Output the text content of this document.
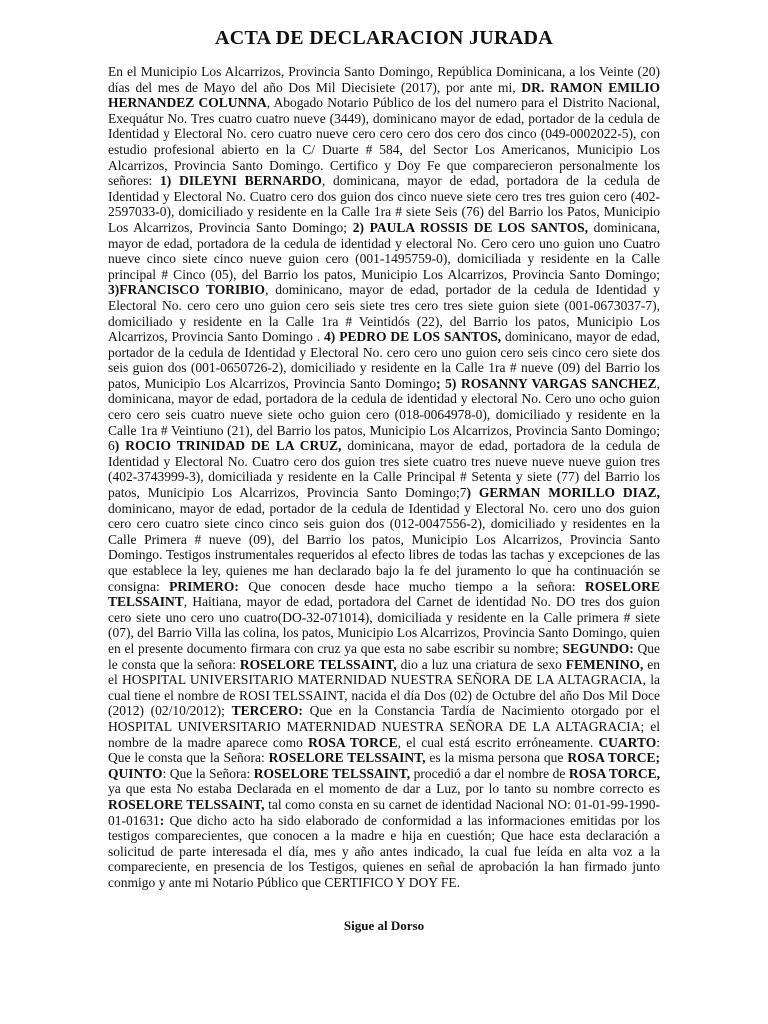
ACTA DE DECLARACION JURADA
En el Municipio Los Alcarrizos, Provincia Santo Domingo, República Dominicana, a los Veinte (20) días del mes de Mayo del año Dos Mil Diecisiete (2017), por ante mi, DR. RAMON EMILIO HERNANDEZ COLUNNA, Abogado Notario Público de los del numero para el Distrito Nacional, Exequátur No. Tres cuatro cuatro nueve (3449), dominicano mayor de edad, portador de la cedula de Identidad y Electoral No. cero cuatro nueve cero cero cero dos cero dos cinco (049-0002022-5), con estudio profesional abierto en la C/ Duarte # 584, del Sector Los Americanos, Municipio Los Alcarrizos, Provincia Santo Domingo. Certifico y Doy Fe que comparecieron personalmente los señores: 1) DILEYNI BERNARDO, dominicana, mayor de edad, portadora de la cedula de Identidad y Electoral No. Cuatro cero dos guion dos cinco nueve siete cero tres tres guion cero (402-2597033-0), domiciliado y residente en la Calle 1ra # siete Seis (76) del Barrio los Patos, Municipio Los Alcarrizos, Provincia Santo Domingo; 2) PAULA ROSSIS DE LOS SANTOS, dominicana, mayor de edad, portadora de la cedula de identidad y electoral No. Cero cero uno guion uno Cuatro nueve cinco siete cinco nueve guion cero (001-1495759-0), domiciliada y residente en la Calle principal # Cinco (05), del Barrio los patos, Municipio Los Alcarrizos, Provincia Santo Domingo; 3)FRANCISCO TORIBIO, dominicano, mayor de edad, portador de la cedula de Identidad y Electoral No. cero cero uno guion cero seis siete tres cero tres siete guion siete (001-0673037-7), domiciliado y residente en la Calle 1ra # Veintidós (22), del Barrio los patos, Municipio Los Alcarrizos, Provincia Santo Domingo . 4) PEDRO DE LOS SANTOS, dominicano, mayor de edad, portador de la cedula de Identidad y Electoral No. cero cero uno guion cero seis cinco cero siete dos seis guion dos (001-0650726-2), domiciliado y residente en la Calle 1ra # nueve (09) del Barrio los patos, Municipio Los Alcarrizos, Provincia Santo Domingo; 5) ROSANNY VARGAS SANCHEZ, dominicana, mayor de edad, portadora de la cedula de identidad y electoral No. Cero uno ocho guion cero cero seis cuatro nueve siete ocho guion cero (018-0064978-0), domiciliado y residente en la Calle 1ra # Veintiuno (21), del Barrio los patos, Municipio Los Alcarrizos, Provincia Santo Domingo; 6) ROCIO TRINIDAD DE LA CRUZ, dominicana, mayor de edad, portadora de la cedula de Identidad y Electoral No. Cuatro cero dos guion tres siete cuatro tres nueve nueve nueve guion tres (402-3743999-3), domiciliada y residente en la Calle Principal # Setenta y siete (77) del Barrio los patos, Municipio Los Alcarrizos, Provincia Santo Domingo;7) GERMAN MORILLO DIAZ, dominicano, mayor de edad, portador de la cedula de Identidad y Electoral No. cero uno dos guion cero cero cuatro siete cinco cinco seis guion dos (012-0047556-2), domiciliado y residentes en la Calle Primera # nueve (09), del Barrio los patos, Municipio Los Alcarrizos, Provincia Santo Domingo. Testigos instrumentales requeridos al efecto libres de todas las tachas y excepciones de las que establece la ley, quienes me han declarado bajo la fe del juramento lo que ha continuación se consigna: PRIMERO: Que conocen desde hace mucho tiempo a la señora: ROSELORE TELSSAINT, Haitiana, mayor de edad, portadora del Carnet de identidad No. DO tres dos guion cero siete uno cero uno cuatro(DO-32-071014), domiciliada y residente en la Calle primera # siete (07), del Barrio Villa las colina, los patos, Municipio Los Alcarrizos, Provincia Santo Domingo, quien en el presente documento firmara con cruz ya que esta no sabe escribir su nombre; SEGUNDO: Que le consta que la señora: ROSELORE TELSSAINT, dio a luz una criatura de sexo FEMENINO, en el HOSPITAL UNIVERSITARIO MATERNIDAD NUESTRA SEÑORA DE LA ALTAGRACIA, la cual tiene el nombre de ROSI TELSSAINT, nacida el día Dos (02) de Octubre del año Dos Mil Doce (2012) (02/10/2012); TERCERO: Que en la Constancia Tardía de Nacimiento otorgado por el HOSPITAL UNIVERSITARIO MATERNIDAD NUESTRA SEÑORA DE LA ALTAGRACIA; el nombre de la madre aparece como ROSA TORCE, el cual está escrito erróneamente. CUARTO: Que le consta que la Señora: ROSELORE TELSSAINT, es la misma persona que ROSA TORCE; QUINTO: Que la Señora: ROSELORE TELSSAINT, procedió a dar el nombre de ROSA TORCE, ya que esta No estaba Declarada en el momento de dar a Luz, por lo tanto su nombre correcto es ROSELORE TELSSAINT, tal como consta en su carnet de identidad Nacional NO: 01-01-99-1990-01-01631: Que dicho acto ha sido elaborado de conformidad a las informaciones emitidas por los testigos comparecientes, que conocen a la madre e hija en cuestión; Que hace esta declaración a solicitud de parte interesada el día, mes y año antes indicado, la cual fue leída en alta voz a la compareciente, en presencia de los Testigos, quienes en señal de aprobación la han firmado junto conmigo y ante mi Notario Público que CERTIFICO Y DOY FE.
Sigue al Dorso
